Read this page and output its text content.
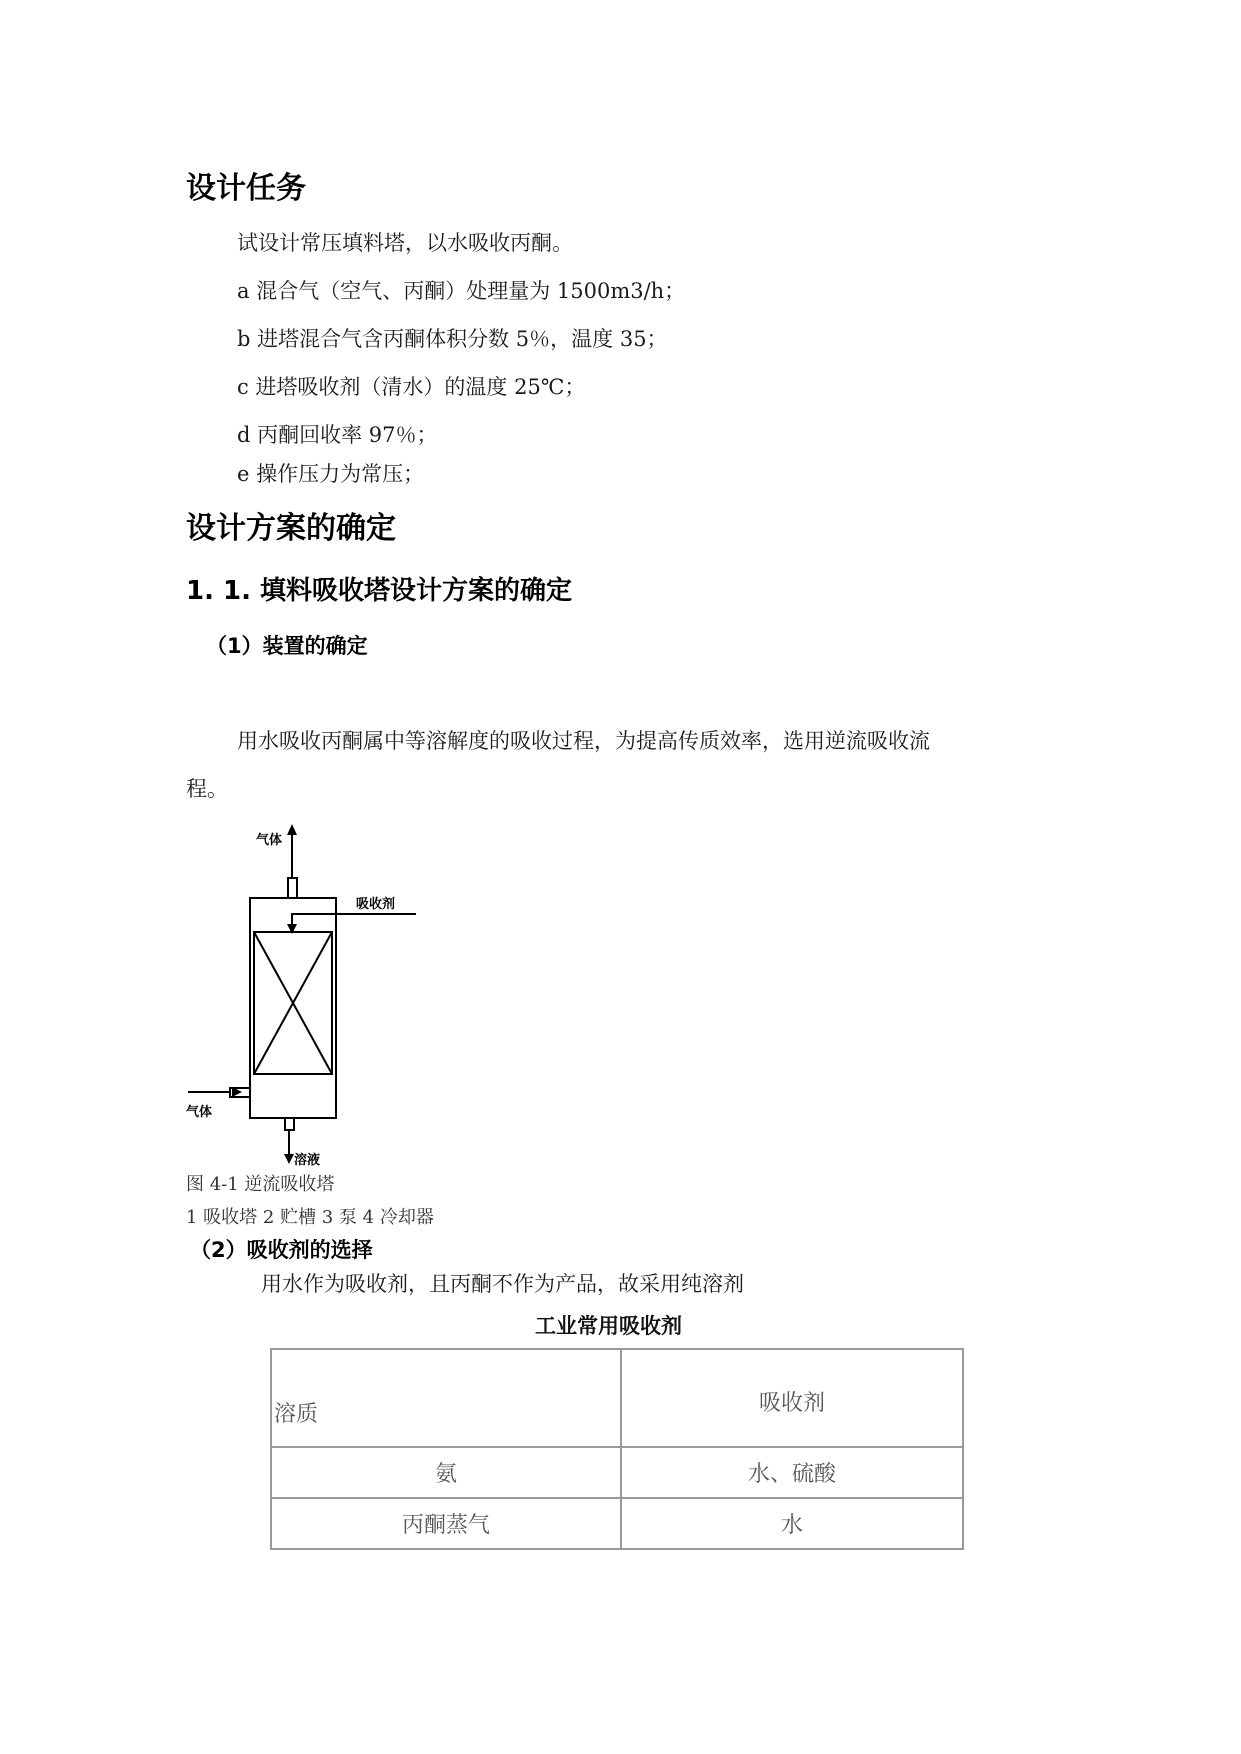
设计任务
试设计常压填料塔，以水吸收丙酮。
a 混合气（空气、丙酮）处理量为 1500m3/h；
b 进塔混合气含丙酮体积分数 5％，温度 35；
c 进塔吸收剂（清水）的温度 25℃；
d 丙酮回收率 97％；
e 操作压力为常压；
设计方案的确定
1. 1. 填料吸收塔设计方案的确定
（1）装置的确定
用水吸收丙酮属中等溶解度的吸收过程，为提高传质效率，选用逆流吸收流
程。
气体
吸收剂
气体
溶液
图 4-1 逆流吸收塔
1 吸收塔 2 贮槽 3 泵 4 冷却器
（2）吸收剂的选择
用水作为吸收剂，且丙酮不作为产品，故采用纯溶剂
工业常用吸收剂
溶质	吸收剂
氨	水、硫酸
丙酮蒸气	水
